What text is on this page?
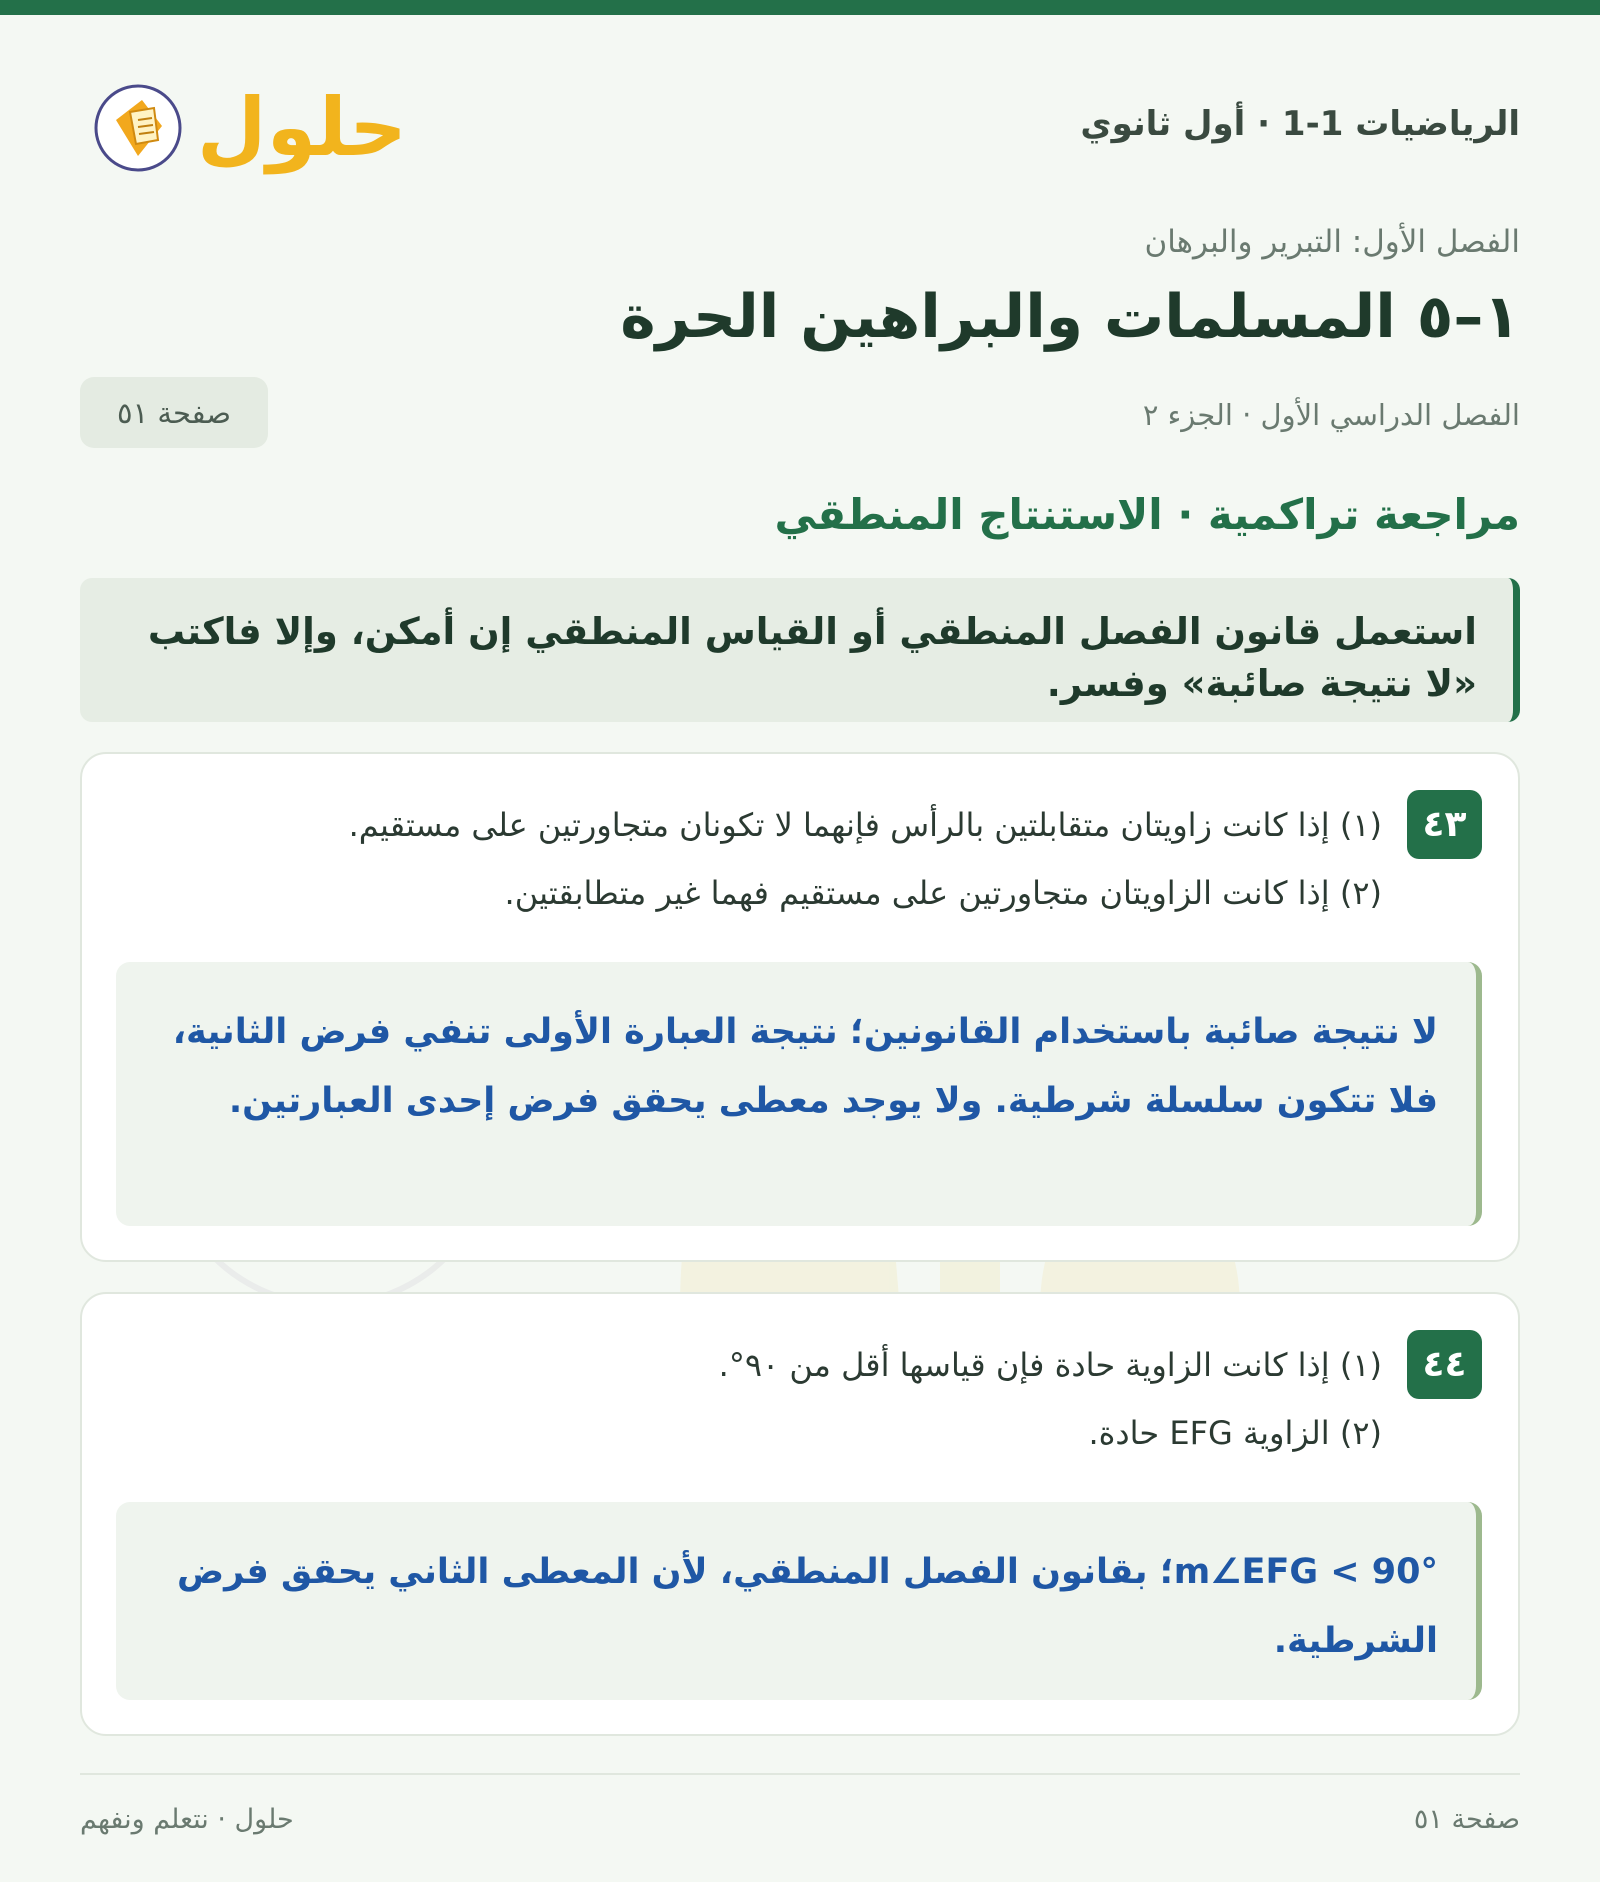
الرياضيات 1-1 · أول ثانوي
حلول
الفصل الأول: التبرير والبرهان
١–٥ المسلمات والبراهين الحرة
الفصل الدراسي الأول · الجزء ٢
صفحة ٥١
مراجعة تراكمية · الاستنتاج المنطقي
استعمل قانون الفصل المنطقي أو القياس المنطقي إن أمكن، وإلا فاكتب «لا نتيجة صائبة» وفسر.
٤٣
(١) إذا كانت زاويتان متقابلتين بالرأس فإنهما لا تكونان متجاورتين على مستقيم.
(٢) إذا كانت الزاويتان متجاورتين على مستقيم فهما غير متطابقتين.
لا نتيجة صائبة باستخدام القانونين؛ نتيجة العبارة الأولى تنفي فرض الثانية، فلا تتكون سلسلة شرطية. ولا يوجد معطى يحقق فرض إحدى العبارتين.
٤٤
(١) إذا كانت الزاوية حادة فإن قياسها أقل من ٩٠°.
(٢) الزاوية EFG حادة.
m∠EFG < 90°؛ بقانون الفصل المنطقي، لأن المعطى الثاني يحقق فرض الشرطية.
حلول · نتعلم ونفهم	صفحة ٥١
